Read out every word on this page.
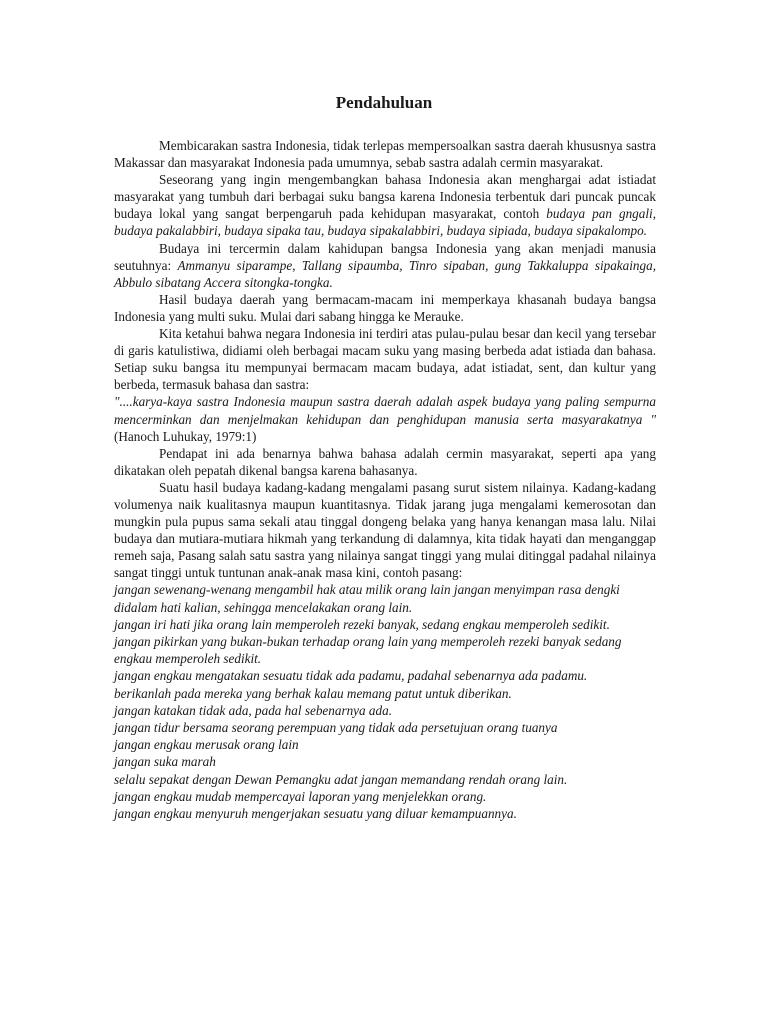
Pendahuluan

Membicarakan sastra Indonesia, tidak terlepas mempersoalkan sastra daerah khususnya sastra Makassar dan masyarakat Indonesia pada umumnya, sebab sastra adalah cermin masyarakat.

Seseorang yang ingin mengembangkan bahasa Indonesia akan menghargai adat istiadat masyarakat yang tumbuh dari berbagai suku bangsa karena Indonesia terbentuk dari puncak puncak budaya lokal yang sangat berpengaruh pada kehidupan masyarakat, contoh budaya pan gngali, budaya pakalabbiri, budaya sipaka tau, budaya sipakalabbiri, budaya sipiada, budaya sipakalompo.

Budaya ini tercermin dalam kahidupan bangsa Indonesia yang akan menjadi manusia seutuhnya: Ammanyu siparampe, Tallang sipaumba, Tinro sipaban, gung Takkaluppa sipakainga, Abbulo sibatang Accera sitongka-tongka.

Hasil budaya daerah yang bermacam-macam ini memperkaya khasanah budaya bangsa Indonesia yang multi suku. Mulai dari sabang hingga ke Merauke.

Kita ketahui bahwa negara Indonesia ini terdiri atas pulau-pulau besar dan kecil yang tersebar di garis katulistiwa, didiami oleh berbagai macam suku yang masing berbeda adat istiada dan bahasa. Setiap suku bangsa itu mempunyai bermacam macam budaya, adat istiadat, sent, dan kultur yang berbeda, termasuk bahasa dan sastra:

"....karya-kaya sastra Indonesia maupun sastra daerah adalah aspek budaya yang paling sempurna mencerminkan dan menjelmakan kehidupan dan penghidupan manusia serta masyarakatnya " (Hanoch Luhukay, 1979:1)

Pendapat ini ada benarnya bahwa bahasa adalah cermin masyarakat, seperti apa yang dikatakan oleh pepatah dikenal bangsa karena bahasanya.

Suatu hasil budaya kadang-kadang mengalami pasang surut sistem nilainya. Kadang-kadang volumenya naik kualitasnya maupun kuantitasnya. Tidak jarang juga mengalami kemerosotan dan mungkin pula pupus sama sekali atau tinggal dongeng belaka yang hanya kenangan masa lalu. Nilai budaya dan mutiara-mutiara hikmah yang terkandung di dalamnya, kita tidak hayati dan menganggap remeh saja, Pasang salah satu sastra yang nilainya sangat tinggi yang mulai ditinggal padahal nilainya sangat tinggi untuk tuntunan anak-anak masa kini, contoh pasang:

jangan sewenang-wenang mengambil hak atau milik orang lain jangan menyimpan rasa dengki didalam hati kalian, sehingga mencelakakan orang lain.
jangan iri hati jika orang lain memperoleh rezeki banyak, sedang engkau memperoleh sedikit.
jangan pikirkan yang bukan-bukan terhadap orang lain yang memperoleh rezeki banyak sedang engkau memperoleh sedikit.
jangan engkau mengatakan sesuatu tidak ada padamu, padahal sebenarnya ada padamu.
berikanlah pada mereka yang berhak kalau memang patut untuk diberikan.
jangan katakan tidak ada, pada hal sebenarnya ada.
jangan tidur bersama seorang perempuan yang tidak ada persetujuan orang tuanya
jangan engkau merusak orang lain
jangan suka marah
selalu sepakat dengan Dewan Pemangku adat jangan memandang rendah orang lain.
jangan engkau mudab mempercayai laporan yang menjelekkan orang.
jangan engkau menyuruh mengerjakan sesuatu yang diluar kemampuannya.
